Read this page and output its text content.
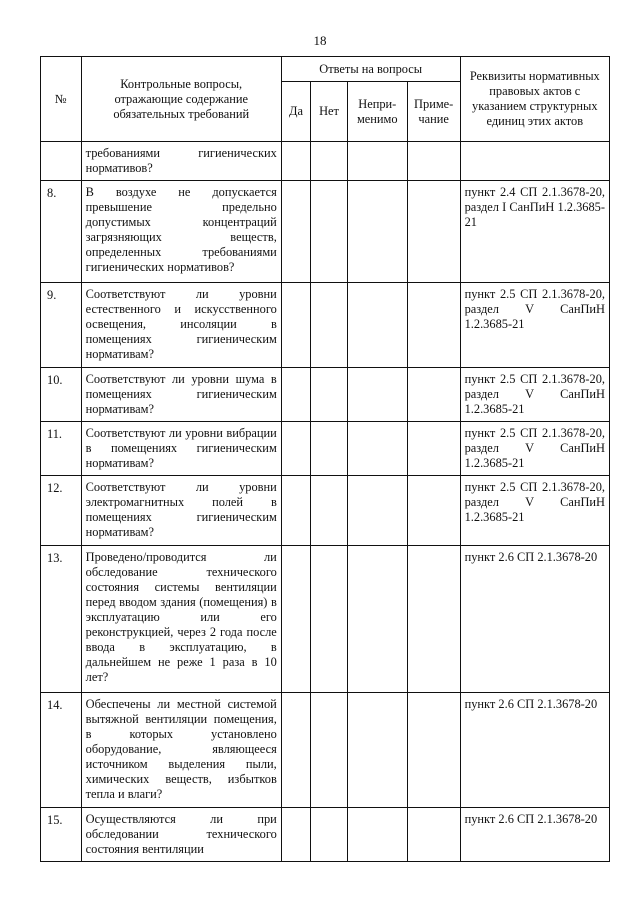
18
№	Контрольные вопросы, отражающие содержание обязательных требований	Ответы на вопросы				Реквизиты нормативных правовых актов с указанием структурных единиц этих актов
		Да	Нет	Непри-менимо	Приме-чание	
	требованиями гигиенических нормативов?					
8.	В воздухе не допускается превышение предельно допустимых концентраций загрязняющих веществ, определенных требованиями гигиенических нормативов?					пункт 2.4 СП 2.1.3678-20, раздел I СанПиН 1.2.3685-21
9.	Соответствуют ли уровни естественного и искусственного освещения, инсоляции в помещениях гигиеническим нормативам?					пункт 2.5 СП 2.1.3678-20, раздел V СанПиН 1.2.3685-21
10.	Соответствуют ли уровни шума в помещениях гигиеническим нормативам?					пункт 2.5 СП 2.1.3678-20, раздел V СанПиН 1.2.3685-21
11.	Соответствуют ли уровни вибрации в помещениях гигиеническим нормативам?					пункт 2.5 СП 2.1.3678-20, раздел V СанПиН 1.2.3685-21
12.	Соответствуют ли уровни электромагнитных полей в помещениях гигиеническим нормативам?					пункт 2.5 СП 2.1.3678-20, раздел V СанПиН 1.2.3685-21
13.	Проведено/проводится ли обследование технического состояния системы вентиляции перед вводом здания (помещения) в эксплуатацию или его реконструкцией, через 2 года после ввода в эксплуатацию, в дальнейшем не реже 1 раза в 10 лет?					пункт 2.6 СП 2.1.3678-20
14.	Обеспечены ли местной системой вытяжной вентиляции помещения, в которых установлено оборудование, являющееся источником выделения пыли, химических веществ, избытков тепла и влаги?					пункт 2.6 СП 2.1.3678-20
15.	Осуществляются ли при обследовании технического состояния вентиляции					пункт 2.6 СП 2.1.3678-20
